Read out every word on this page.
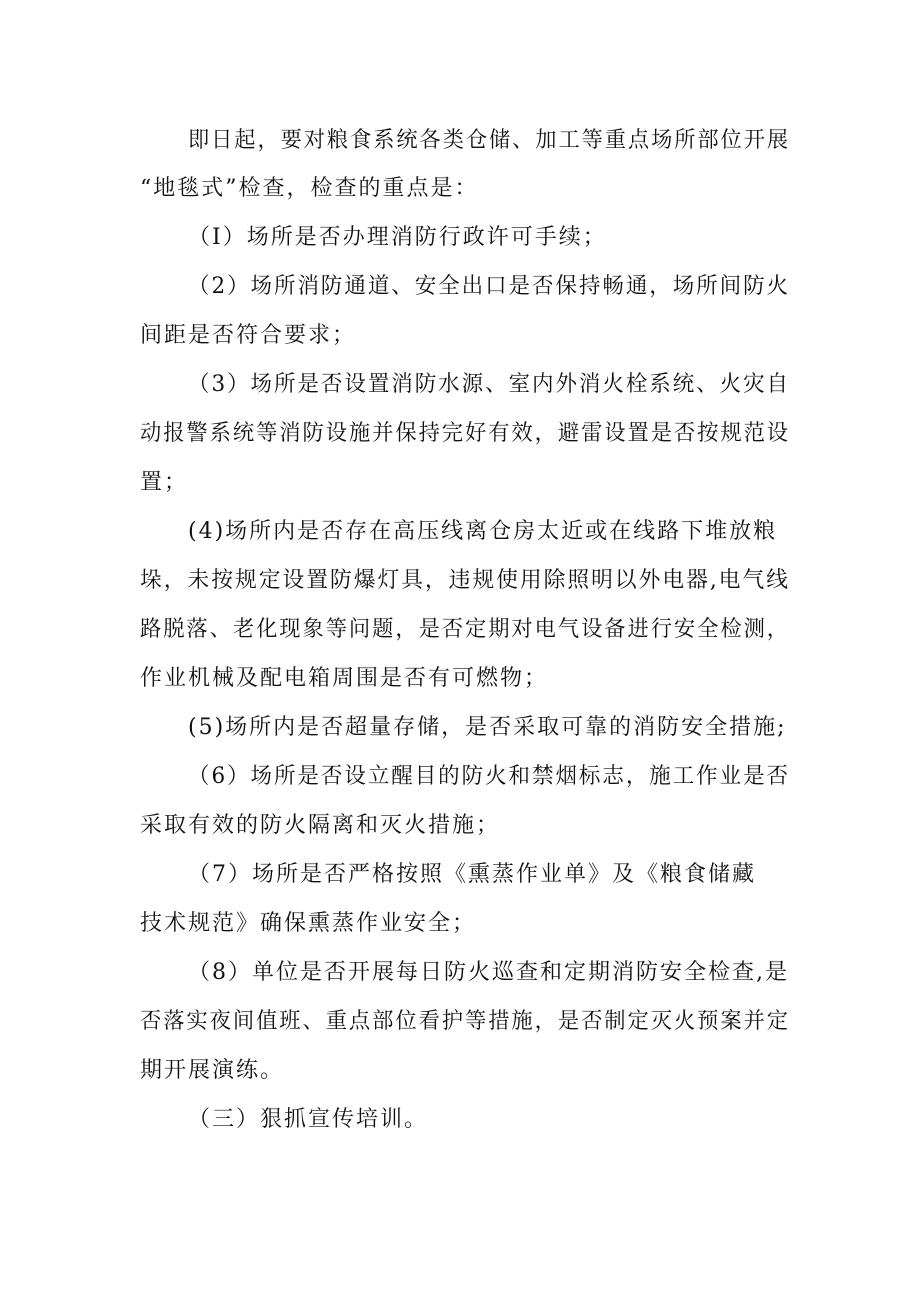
即日起，要对粮食系统各类仓储、加工等重点场所部位开展
“地毯式”检查，检查的重点是：
（I）场所是否办理消防行政许可手续；
（2）场所消防通道、安全出口是否保持畅通，场所间防火
间距是否符合要求；
（3）场所是否设置消防水源、室内外消火栓系统、火灾自
动报警系统等消防设施并保持完好有效，避雷设置是否按规范设
置；
(4)场所内是否存在高压线离仓房太近或在线路下堆放粮
垛，未按规定设置防爆灯具，违规使用除照明以外电器,电气线
路脱落、老化现象等问题，是否定期对电气设备进行安全检测，
作业机械及配电箱周围是否有可燃物；
(5)场所内是否超量存储，是否采取可靠的消防安全措施;
（6）场所是否设立醒目的防火和禁烟标志，施工作业是否
采取有效的防火隔离和灭火措施；
（7）场所是否严格按照《熏蒸作业单》及《粮食储藏
技术规范》确保熏蒸作业安全；
（8）单位是否开展每日防火巡查和定期消防安全检查,是
否落实夜间值班、重点部位看护等措施，是否制定灭火预案并定
期开展演练。
（三）狠抓宣传培训。
